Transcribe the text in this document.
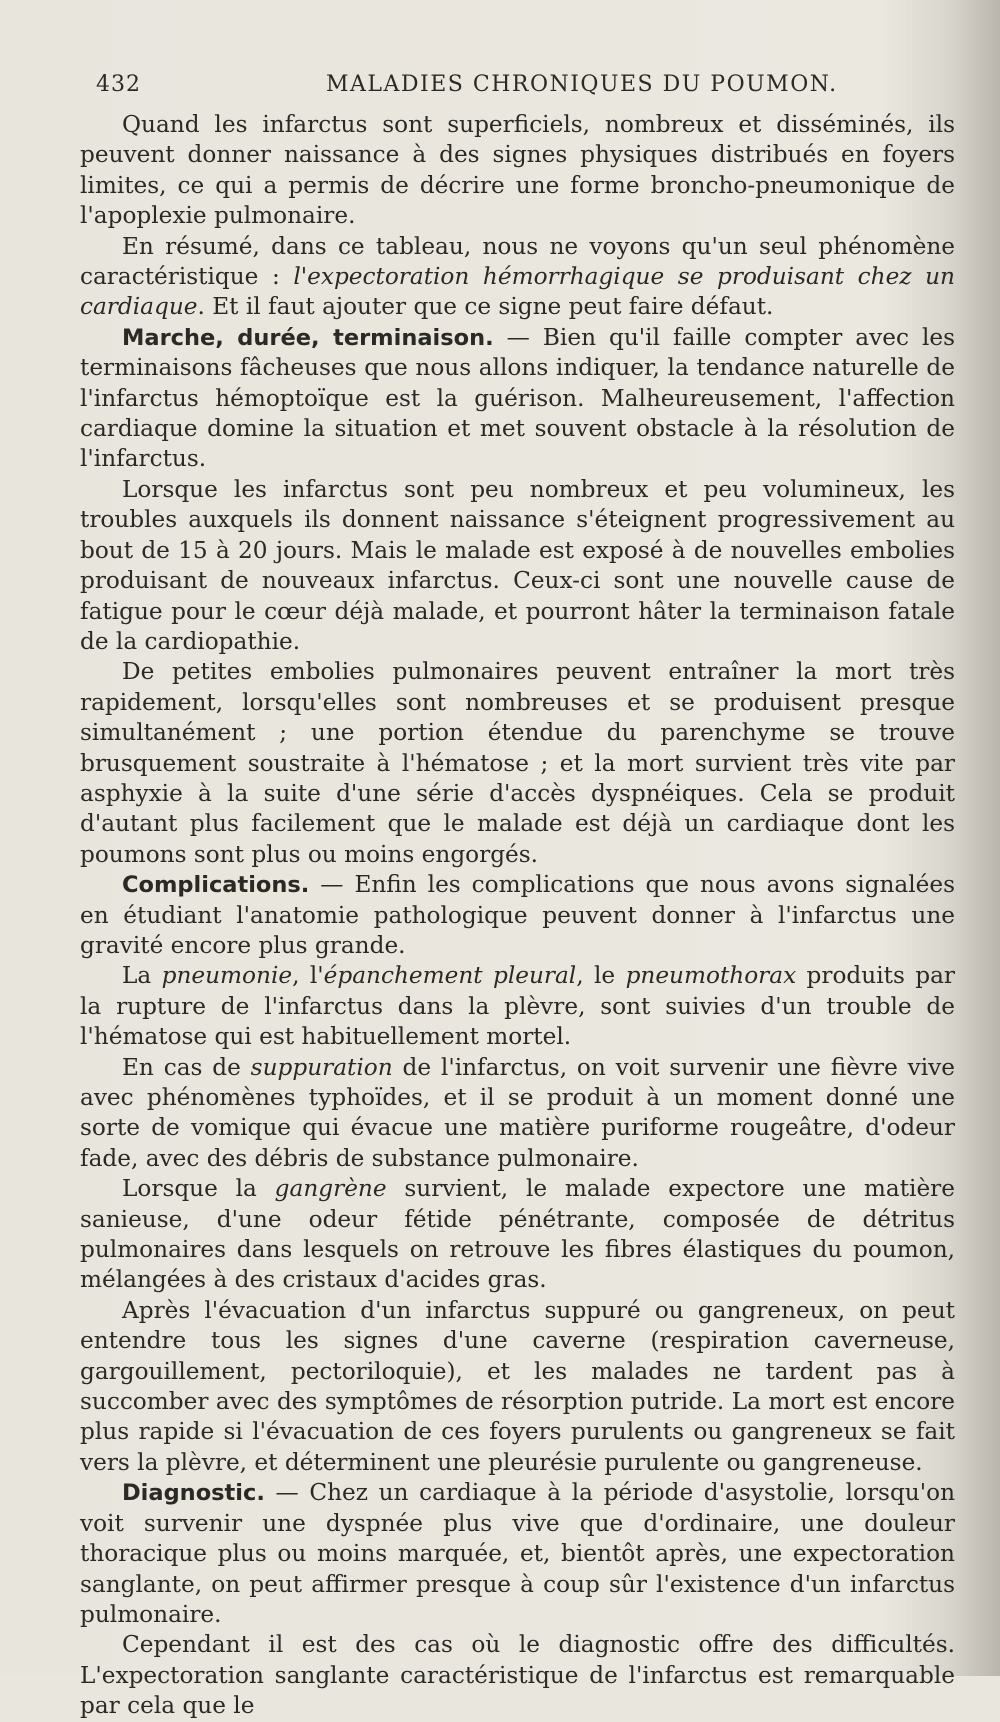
432	MALADIES CHRONIQUES DU POUMON.

Quand les infarctus sont superficiels, nombreux et disséminés, ils peuvent donner naissance à des signes physiques distribués en foyers limites, ce qui a permis de décrire une forme broncho-pneumonique de l'apoplexie pulmonaire.

En résumé, dans ce tableau, nous ne voyons qu'un seul phénomène caractéristique : l'expectoration hémorrhagique se produisant chez un cardiaque. Et il faut ajouter que ce signe peut faire défaut.

Marche, durée, terminaison. — Bien qu'il faille compter avec les terminaisons fâcheuses que nous allons indiquer, la tendance naturelle de l'infarctus hémoptoïque est la guérison. Malheureusement, l'affection cardiaque domine la situation et met souvent obstacle à la résolution de l'infarctus.

Lorsque les infarctus sont peu nombreux et peu volumineux, les troubles auxquels ils donnent naissance s'éteignent progressivement au bout de 15 à 20 jours. Mais le malade est exposé à de nouvelles embolies produisant de nouveaux infarctus. Ceux-ci sont une nouvelle cause de fatigue pour le cœur déjà malade, et pourront hâter la terminaison fatale de la cardiopathie.

De petites embolies pulmonaires peuvent entraîner la mort très rapidement, lorsqu'elles sont nombreuses et se produisent presque simultanément ; une portion étendue du parenchyme se trouve brusquement soustraite à l'hématose ; et la mort survient très vite par asphyxie à la suite d'une série d'accès dyspnéiques. Cela se produit d'autant plus facilement que le malade est déjà un cardiaque dont les poumons sont plus ou moins engorgés.

Complications. — Enfin les complications que nous avons signalées en étudiant l'anatomie pathologique peuvent donner à l'infarctus une gravité encore plus grande.

La pneumonie, l'épanchement pleural, le pneumothorax produits par la rupture de l'infarctus dans la plèvre, sont suivies d'un trouble de l'hématose qui est habituellement mortel.

En cas de suppuration de l'infarctus, on voit survenir une fièvre vive avec phénomènes typhoïdes, et il se produit à un moment donné une sorte de vomique qui évacue une matière puriforme rougeâtre, d'odeur fade, avec des débris de substance pulmonaire.

Lorsque la gangrène survient, le malade expectore une matière sanieuse, d'une odeur fétide pénétrante, composée de détritus pulmonaires dans lesquels on retrouve les fibres élastiques du poumon, mélangées à des cristaux d'acides gras.

Après l'évacuation d'un infarctus suppuré ou gangreneux, on peut entendre tous les signes d'une caverne (respiration caverneuse, gargouillement, pectoriloquie), et les malades ne tardent pas à succomber avec des symptômes de résorption putride. La mort est encore plus rapide si l'évacuation de ces foyers purulents ou gangreneux se fait vers la plèvre, et déterminent une pleurésie purulente ou gangreneuse.

Diagnostic. — Chez un cardiaque à la période d'asystolie, lorsqu'on voit survenir une dyspnée plus vive que d'ordinaire, une douleur thoracique plus ou moins marquée, et, bientôt après, une expectoration sanglante, on peut affirmer presque à coup sûr l'existence d'un infarctus pulmonaire.

Cependant il est des cas où le diagnostic offre des difficultés. L'expectoration sanglante caractéristique de l'infarctus est remarquable par cela que le
